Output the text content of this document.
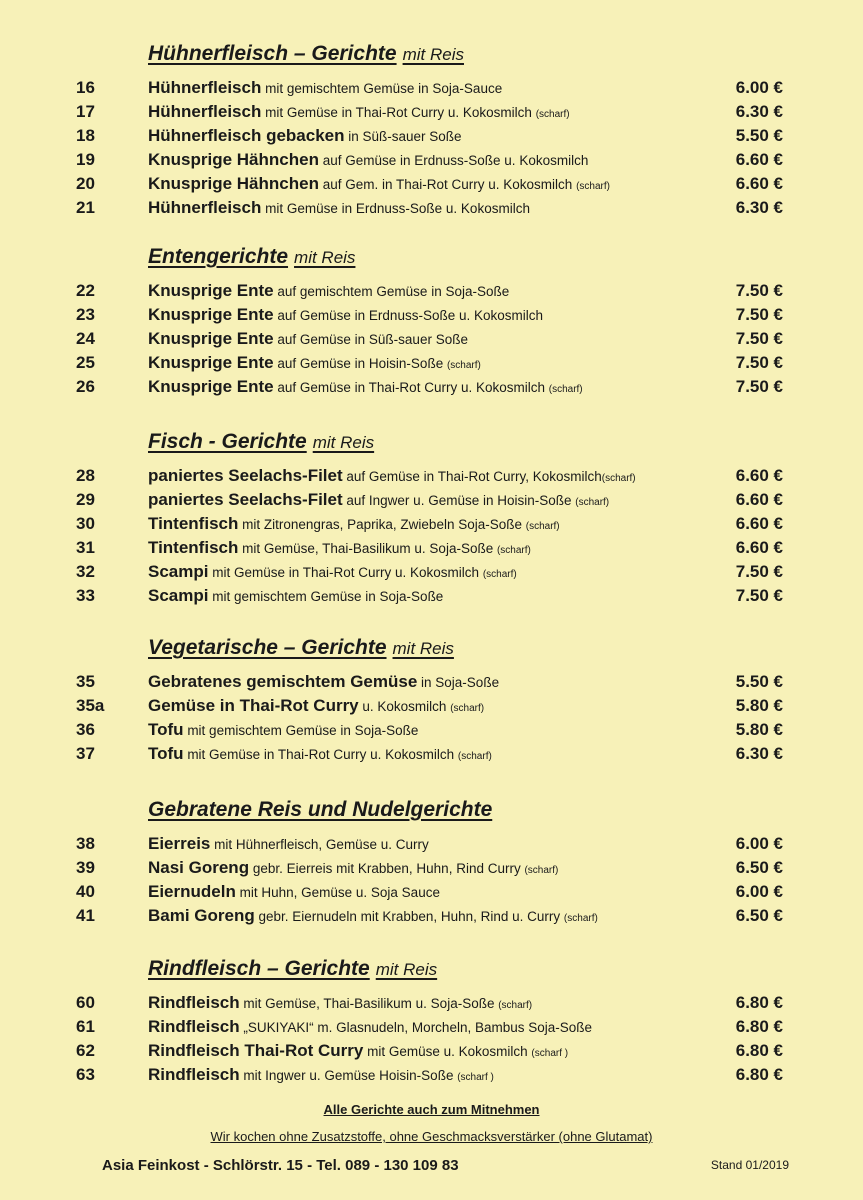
Hühnerfleisch – Gerichte mit Reis
16	Hühnerfleisch mit gemischtem Gemüse in Soja-Sauce	6.00 €
17	Hühnerfleisch mit Gemüse in Thai-Rot Curry u. Kokosmilch (scharf)	6.30 €
18	Hühnerfleisch gebacken in Süß-sauer Soße	5.50 €
19	Knusprige Hähnchen auf Gemüse in Erdnuss-Soße u. Kokosmilch	6.60 €
20	Knusprige Hähnchen auf Gem. in Thai-Rot Curry u. Kokosmilch (scharf)	6.60 €
21	Hühnerfleisch mit Gemüse in Erdnuss-Soße u. Kokosmilch	6.30 €
Entengerichte mit Reis
22	Knusprige Ente auf gemischtem Gemüse in Soja-Soße	7.50 €
23	Knusprige Ente auf Gemüse in Erdnuss-Soße u. Kokosmilch	7.50 €
24	Knusprige Ente auf Gemüse in Süß-sauer Soße	7.50 €
25	Knusprige Ente auf Gemüse in Hoisin-Soße (scharf)	7.50 €
26	Knusprige Ente auf Gemüse in Thai-Rot Curry u. Kokosmilch (scharf)	7.50 €
Fisch - Gerichte mit Reis
28	paniertes Seelachs-Filet auf Gemüse in Thai-Rot Curry, Kokosmilch(scharf)	6.60 €
29	paniertes Seelachs-Filet auf Ingwer u. Gemüse in Hoisin-Soße (scharf)	6.60 €
30	Tintenfisch mit Zitronengras, Paprika, Zwiebeln Soja-Soße (scharf)	6.60 €
31	Tintenfisch mit Gemüse, Thai-Basilikum u. Soja-Soße (scharf)	6.60 €
32	Scampi mit Gemüse in Thai-Rot Curry u. Kokosmilch (scharf)	7.50 €
33	Scampi mit gemischtem Gemüse in Soja-Soße	7.50 €
Vegetarische – Gerichte mit Reis
35	Gebratenes gemischtem Gemüse in Soja-Soße	5.50 €
35a	Gemüse in Thai-Rot Curry u. Kokosmilch (scharf)	5.80 €
36	Tofu mit gemischtem Gemüse in Soja-Soße	5.80 €
37	Tofu mit Gemüse in Thai-Rot Curry u. Kokosmilch (scharf)	6.30 €
Gebratene Reis und Nudelgerichte
38	Eierreis mit Hühnerfleisch, Gemüse u. Curry	6.00 €
39	Nasi Goreng gebr. Eierreis mit Krabben, Huhn, Rind Curry (scharf)	6.50 €
40	Eiernudeln mit Huhn, Gemüse u. Soja Sauce	6.00 €
41	Bami Goreng gebr. Eiernudeln mit Krabben, Huhn, Rind u. Curry (scharf)	6.50 €
Rindfleisch – Gerichte mit Reis
60	Rindfleisch mit Gemüse, Thai-Basilikum u. Soja-Soße (scharf)	6.80 €
61	Rindfleisch „SUKIYAKI“ m. Glasnudeln, Morcheln, Bambus Soja-Soße	6.80 €
62	Rindfleisch Thai-Rot Curry mit Gemüse u. Kokosmilch (scharf )	6.80 €
63	Rindfleisch mit Ingwer u. Gemüse Hoisin-Soße (scharf )	6.80 €
Alle Gerichte auch zum Mitnehmen
Wir kochen ohne Zusatzstoffe, ohne Geschmacksverstärker (ohne Glutamat)
Asia Feinkost - Schlörstr. 15 - Tel. 089 - 130 109 83	Stand 01/2019
